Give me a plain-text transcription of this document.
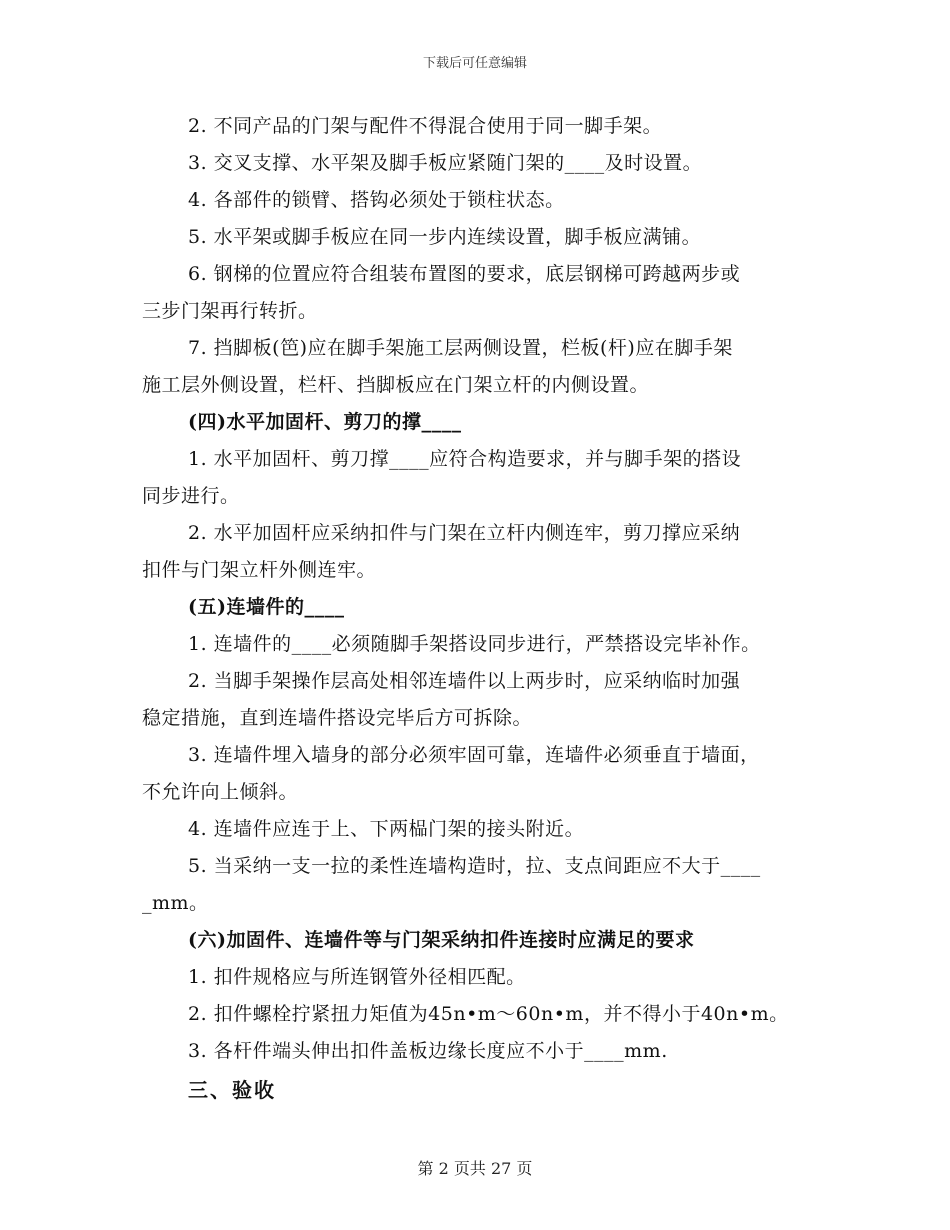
下载后可任意编辑

2. 不同产品的门架与配件不得混合使用于同一脚手架。

3. 交叉支撑、水平架及脚手板应紧随门架的____及时设置。

4. 各部件的锁臂、搭钩必须处于锁柱状态。

5. 水平架或脚手板应在同一步内连续设置，脚手板应满铺。

6. 钢梯的位置应符合组装布置图的要求，底层钢梯可跨越两步或

三步门架再行转折。

7. 挡脚板(笆)应在脚手架施工层两侧设置，栏板(杆)应在脚手架

施工层外侧设置，栏杆、挡脚板应在门架立杆的内侧设置。

(四)水平加固杆、剪刀的撑____

1. 水平加固杆、剪刀撑____应符合构造要求，并与脚手架的搭设

同步进行。

2. 水平加固杆应采纳扣件与门架在立杆内侧连牢，剪刀撑应采纳

扣件与门架立杆外侧连牢。

(五)连墙件的____

1. 连墙件的____必须随脚手架搭设同步进行，严禁搭设完毕补作。

2. 当脚手架操作层高处相邻连墙件以上两步时，应采纳临时加强

稳定措施，直到连墙件搭设完毕后方可拆除。

3. 连墙件埋入墙身的部分必须牢固可靠，连墙件必须垂直于墙面，

不允许向上倾斜。

4. 连墙件应连于上、下两榀门架的接头附近。

5. 当采纳一支一拉的柔性连墙构造时，拉、支点间距应不大于____

_mm。

(六)加固件、连墙件等与门架采纳扣件连接时应满足的要求

1. 扣件规格应与所连钢管外径相匹配。

2. 扣件螺栓拧紧扭力矩值为45n•m～60n•m，并不得小于40n•m。

3. 各杆件端头伸出扣件盖板边缘长度应不小于____mm.

三、验收

第 2 页共 27 页
